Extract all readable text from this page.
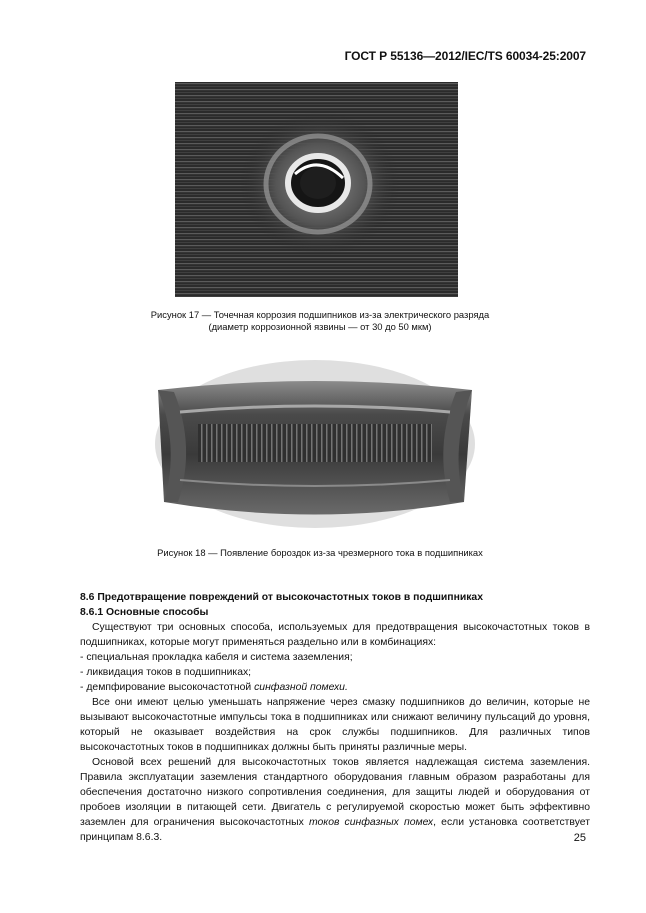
ГОСТ Р 55136—2012/IEC/TS 60034-25:2007
Рисунок 17 — Точечная коррозия подшипников из-за электрического разряда
(диаметр коррозионной язвины — от 30 до 50 мкм)
Рисунок 18 — Появление бороздок из-за чрезмерного тока в подшипниках
8.6 Предотвращение повреждений от высокочастотных токов в подшипниках
8.6.1 Основные способы

Существуют три основных способа, используемых для предотвращения высокочастотных токов в подшипниках, которые могут применяться раздельно или в комбинациях:

- специальная прокладка кабеля и система заземления;

- ликвидация токов в подшипниках;

- демпфирование высокочастотной синфазной помехи.

Все они имеют целью уменьшать напряжение через смазку подшипников до величин, которые не вызывают высокочастотные импульсы тока в подшипниках или снижают величину пульсаций до уровня, который не оказывает воздействия на срок службы подшипников. Для различных типов высокочастотных токов в подшипниках должны быть приняты различные меры.

Основой всех решений для высокочастотных токов является надлежащая система заземления. Правила эксплуатации заземления стандартного оборудования главным образом разработаны для обеспечения достаточно низкого сопротивления соединения, для защиты людей и оборудования от пробоев изоляции в питающей сети. Двигатель с регулируемой скоростью может быть эффективно заземлен для ограничения высокочастотных токов синфазных помех, если установка соответствует принципам 8.6.3.	25
